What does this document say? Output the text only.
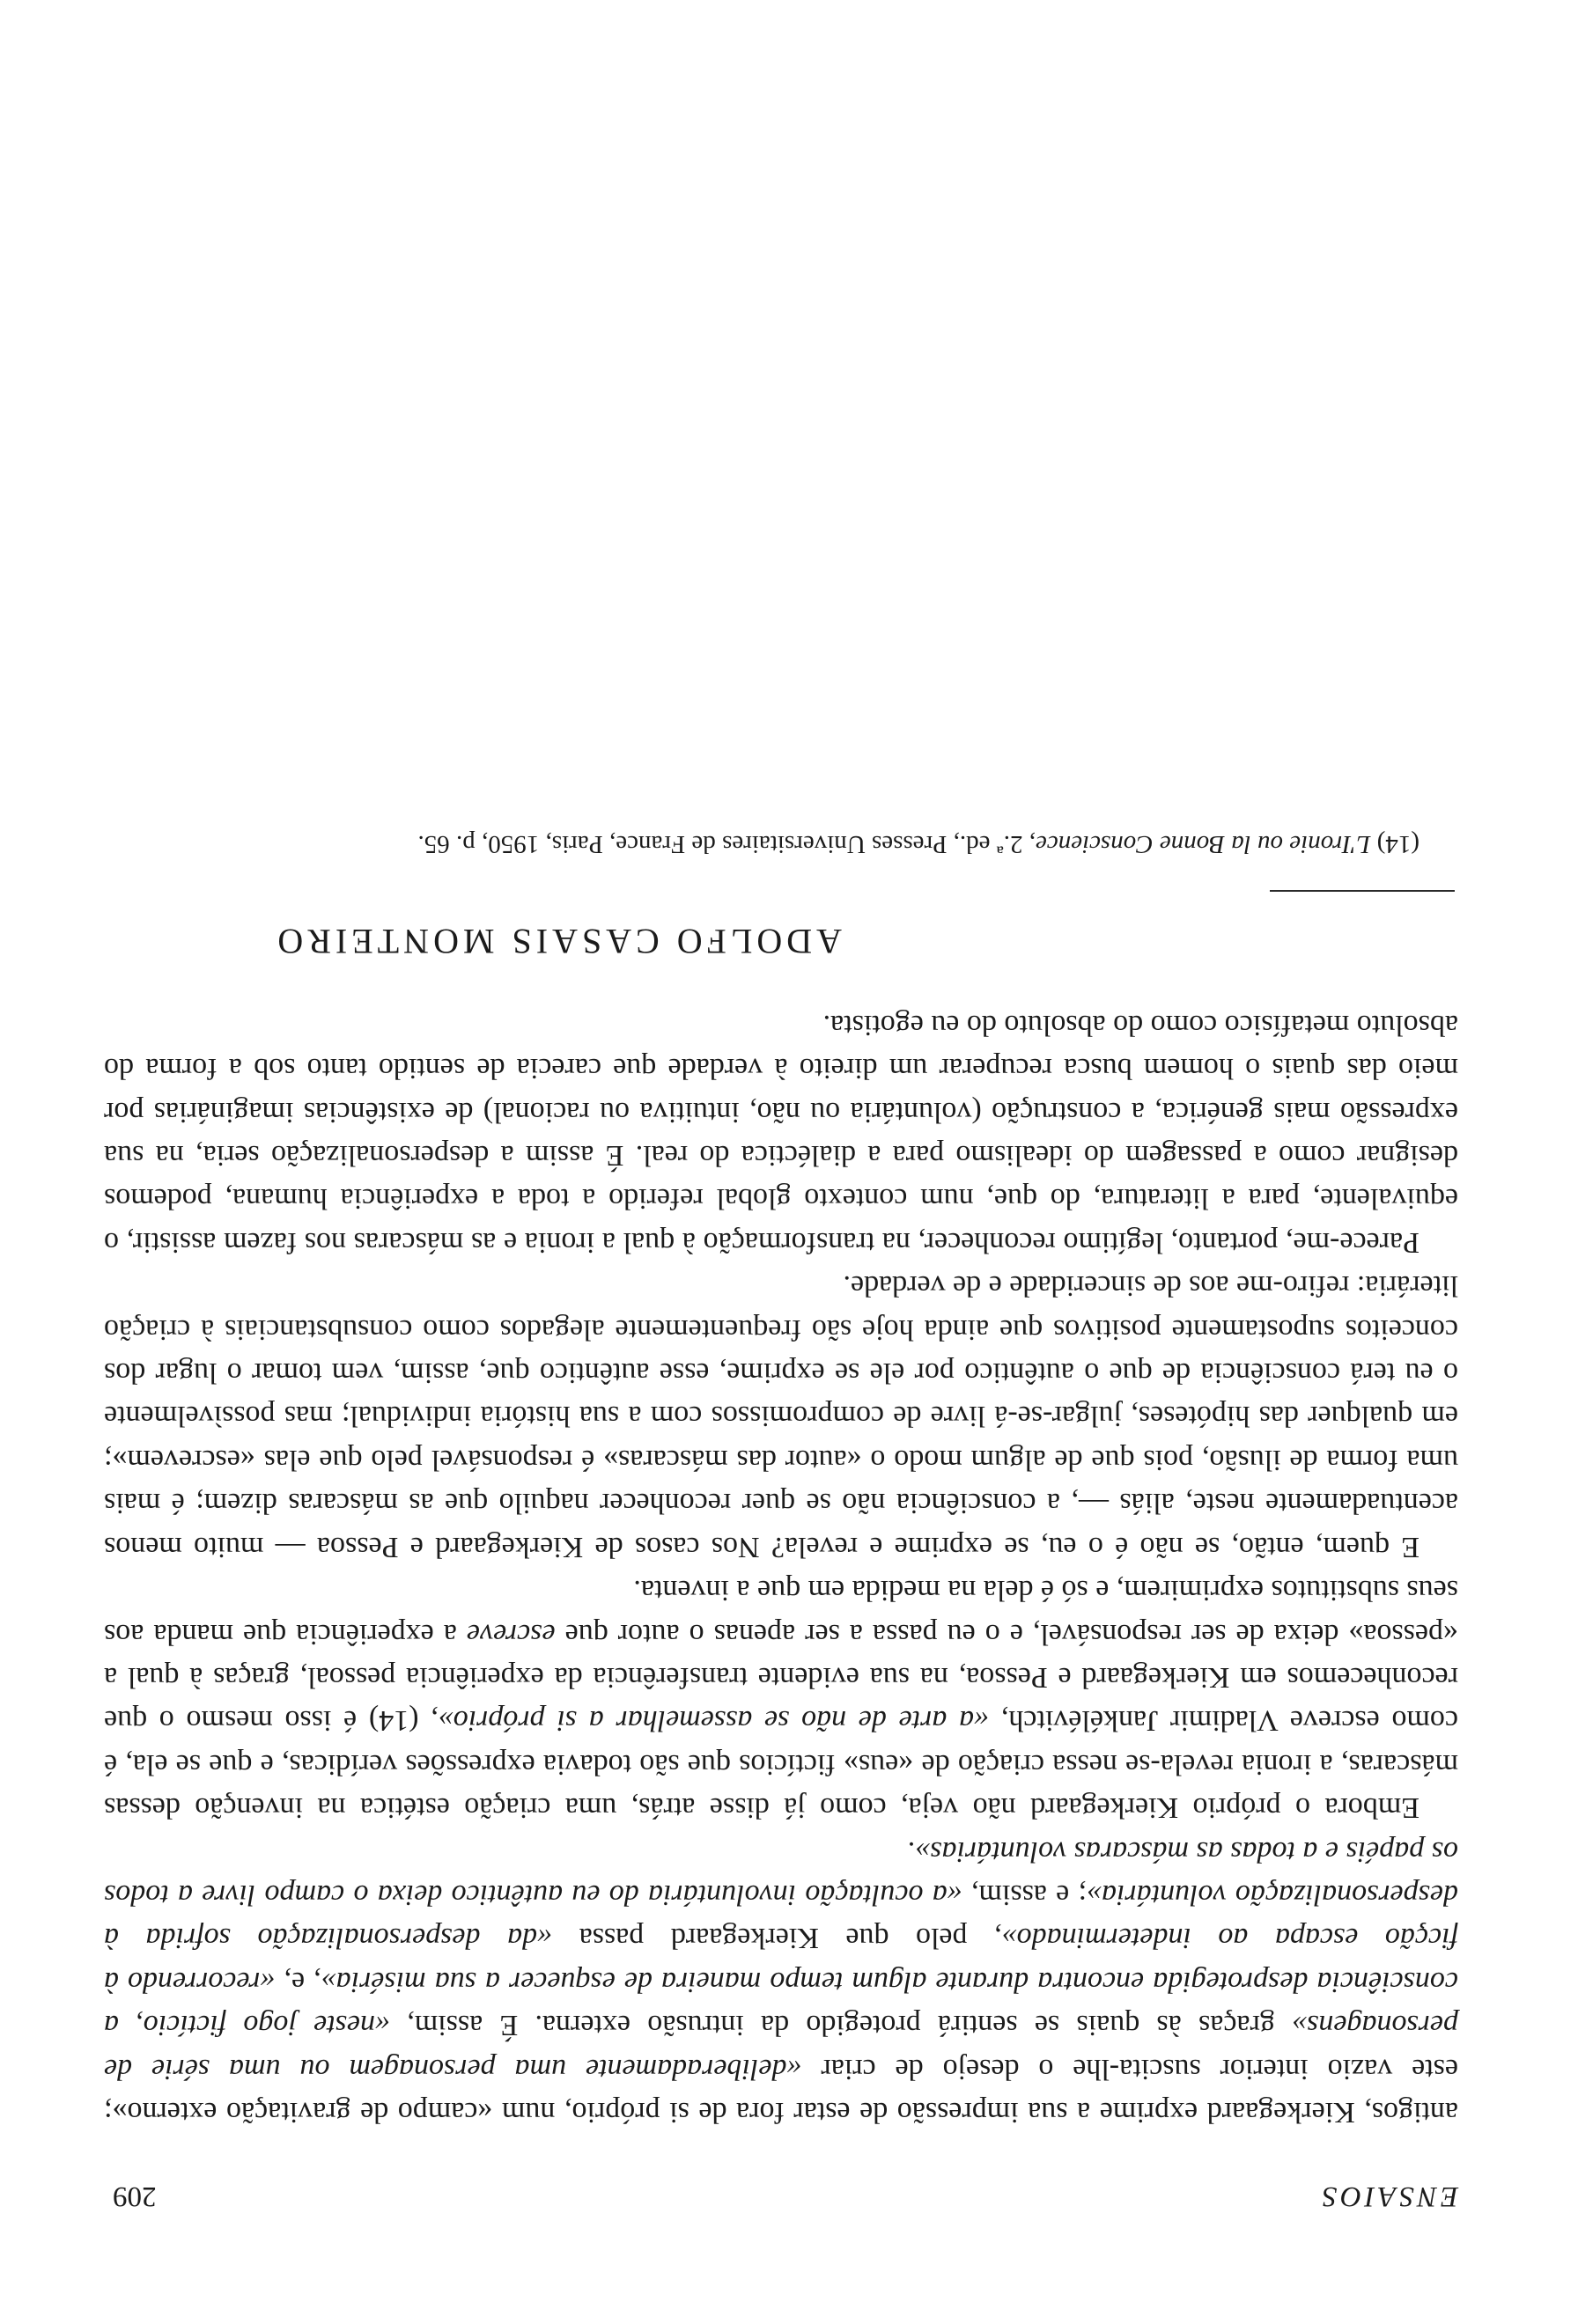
ENSAIOS
209

antigos, Kierkegaard exprime a sua impressão de estar fora de si próprio, num «campo de gravitação externo»; este vazio interior suscita-lhe o desejo de criar «deliberadamente uma personagem ou uma série de personagens» graças às quais se sentirá protegido da intrusão externa. É assim, «neste jogo fictício, a consciência desprotegida encontra durante algum tempo maneira de esquecer a sua miséria», e, «recorrendo à ficção escapa ao indeterminado», pelo que Kierkegaard passa «da despersonalização sofrida à despersonalização voluntária»; e assim, «a ocultação involuntária do eu autêntico deixa o campo livre a todos os papéis e a todas as máscaras voluntárias».

Embora o próprio Kierkegaard não veja, como já disse atrás, uma criação estética na invenção dessas máscaras, a ironia revela-se nessa criação de «eus» fictícios que são todavia expressões verídicas, e que se ela, é como escreve Vladimir Jankélévitch, «a arte de não se assemelhar a si próprio», (14) é isso mesmo o que reconhecemos em Kierkegaard e Pessoa, na sua evidente transferência da experiência pessoal, graças à qual a «pessoa» deixa de ser responsável, e o eu passa a ser apenas o autor que escreve a experiência que manda aos seus substitutos exprimirem, e só é dela na medida em que a inventa.

E quem, então, se não é o eu, se exprime e revela? Nos casos de Kierkegaard e Pessoa — muito menos acentuadamente neste, aliás —, a consciência não se quer reconhecer naquilo que as máscaras dizem; é mais uma forma de ilusão, pois que de algum modo o «autor das máscaras» é responsável pelo que elas «escrevem»; em qualquer das hipóteses, julgar-se-á livre de compromissos com a sua história individual; mas possìvelmente o eu terá consciência de que o autêntico por ele se exprime, esse autêntico que, assim, vem tomar o lugar dos conceitos supostamente positivos que ainda hoje são frequentemente alegados como consubstanciais à criação literária: refiro-me aos de sinceridade e de verdade.

Parece-me, portanto, legítimo reconhecer, na transformação à qual a ironia e as máscaras nos fazem assistir, o equivalente, para a literatura, do que, num contexto global referido a toda a experiência humana, podemos designar como a passagem do idealismo para a dialéctica do real. É assim a despersonalização seria, na sua expressão mais genérica, a construção (voluntária ou não, intuitiva ou racional) de existências imaginárias por meio das quais o homem busca recuperar um direito à verdade que carecia de sentido tanto sob a forma do absoluto metafísico como do absoluto do eu egotista.

ADOLFO CASAIS MONTEIRO
(14) L'Ironie ou la Bonne Conscience, 2.ª ed., Presses Universitaires de France, Paris, 1950, p. 65.
